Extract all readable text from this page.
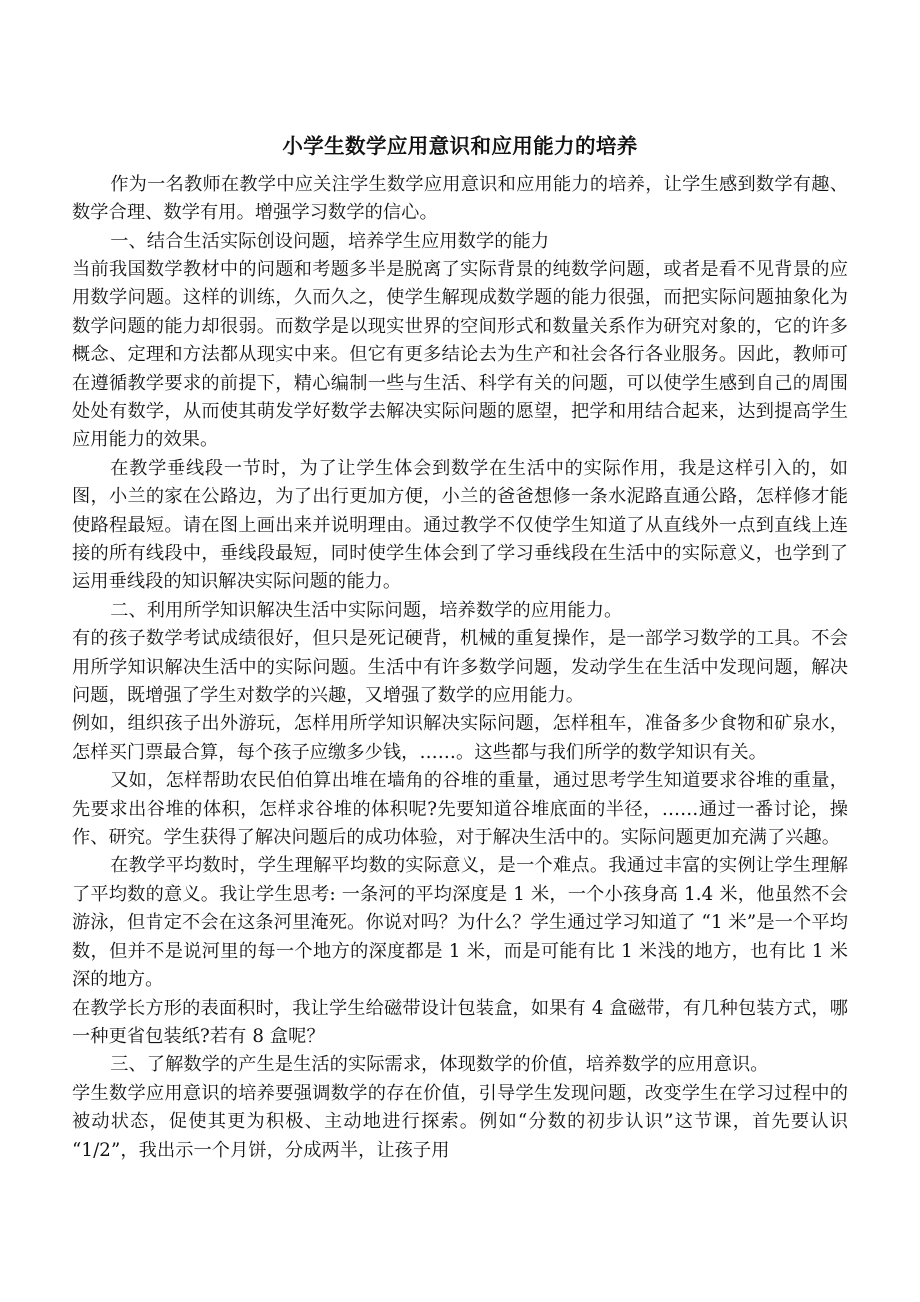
小学生数学应用意识和应用能力的培养

作为一名教师在教学中应关注学生数学应用意识和应用能力的培养，让学生感到数学有趣、数学合理、数学有用。增强学习数学的信心。

一、结合生活实际创设问题，培养学生应用数学的能力

当前我国数学教材中的问题和考题多半是脱离了实际背景的纯数学问题，或者是看不见背景的应用数学问题。这样的训练，久而久之，使学生解现成数学题的能力很强，而把实际问题抽象化为数学问题的能力却很弱。而数学是以现实世界的空间形式和数量关系作为研究对象的，它的许多概念、定理和方法都从现实中来。但它有更多结论去为生产和社会各行各业服务。因此，教师可在遵循教学要求的前提下，精心编制一些与生活、科学有关的问题，可以使学生感到自己的周围处处有数学，从而使其萌发学好数学去解决实际问题的愿望，把学和用结合起来，达到提高学生应用能力的效果。

在教学垂线段一节时，为了让学生体会到数学在生活中的实际作用，我是这样引入的，如图，小兰的家在公路边，为了出行更加方便，小兰的爸爸想修一条水泥路直通公路，怎样修才能使路程最短。请在图上画出来并说明理由。通过教学不仅使学生知道了从直线外一点到直线上连接的所有线段中，垂线段最短，同时使学生体会到了学习垂线段在生活中的实际意义，也学到了运用垂线段的知识解决实际问题的能力。

二、利用所学知识解决生活中实际问题，培养数学的应用能力。

有的孩子数学考试成绩很好，但只是死记硬背，机械的重复操作，是一部学习数学的工具。不会用所学知识解决生活中的实际问题。生活中有许多数学问题，发动学生在生活中发现问题，解决问题，既增强了学生对数学的兴趣，又增强了数学的应用能力。

例如，组织孩子出外游玩，怎样用所学知识解决实际问题，怎样租车，准备多少食物和矿泉水，怎样买门票最合算，每个孩子应缴多少钱，……。这些都与我们所学的数学知识有关。

又如，怎样帮助农民伯伯算出堆在墙角的谷堆的重量，通过思考学生知道要求谷堆的重量，先要求出谷堆的体积，怎样求谷堆的体积呢?先要知道谷堆底面的半径，……通过一番讨论，操作、研究。学生获得了解决问题后的成功体验，对于解决生活中的。实际问题更加充满了兴趣。

在教学平均数时，学生理解平均数的实际意义，是一个难点。我通过丰富的实例让学生理解了平均数的意义。我让学生思考: 一条河的平均深度是 1 米，一个小孩身高 1.4 米，他虽然不会游泳，但肯定不会在这条河里淹死。你说对吗？为什么？学生通过学习知道了 “1 米”是一个平均数，但并不是说河里的每一个地方的深度都是 1 米，而是可能有比 1 米浅的地方，也有比 1 米深的地方。

在教学长方形的表面积时，我让学生给磁带设计包装盒，如果有 4 盒磁带，有几种包装方式，哪一种更省包装纸?若有 8 盒呢？

三、了解数学的产生是生活的实际需求，体现数学的价值，培养数学的应用意识。

学生数学应用意识的培养要强调数学的存在价值，引导学生发现问题，改变学生在学习过程中的被动状态，促使其更为积极、主动地进行探索。例如“分数的初步认识”这节课，首先要认识 “1/2”，我出示一个月饼，分成两半，让孩子用
